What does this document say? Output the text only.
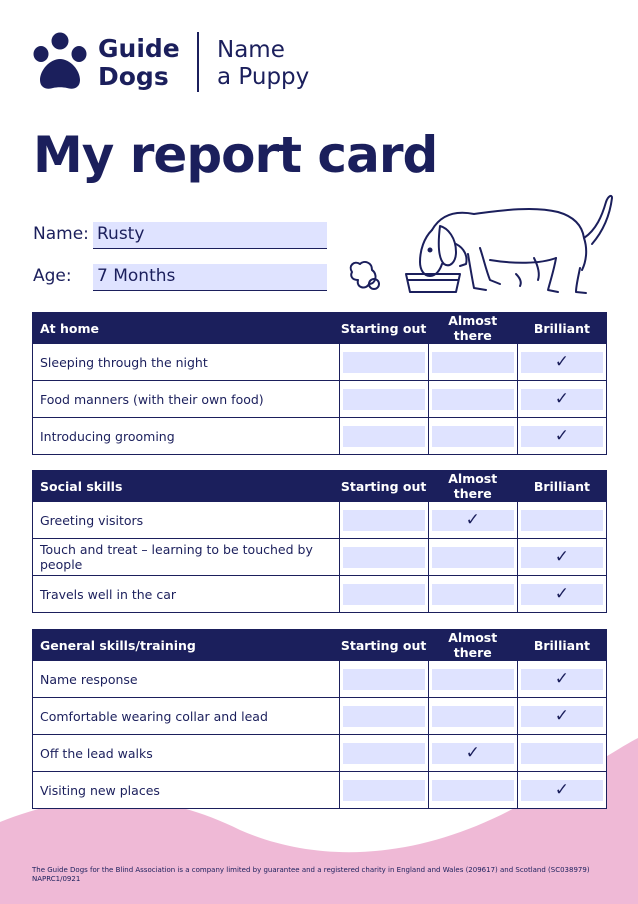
Guide
Dogs
Name
a Puppy
My report card
Name: Rusty
Age: 7 Months
At home	Starting out	Almost there	Brilliant
Sleeping through the night			✓

Food manners (with their own food)			✓

Introducing grooming			✓
Social skills	Starting out	Almost there	Brilliant
Greeting visitors		✓	

Touch and treat – learning to be touched by people			✓

Travels well in the car			✓
General skills/training	Starting out	Almost there	Brilliant
Name response			✓

Comfortable wearing collar and lead			✓

Off the lead walks		✓	

Visiting new places			✓
The Guide Dogs for the Blind Association is a company limited by guarantee and a registered charity in England and Wales (209617) and Scotland (SC038979)
NAPRC1/0921
